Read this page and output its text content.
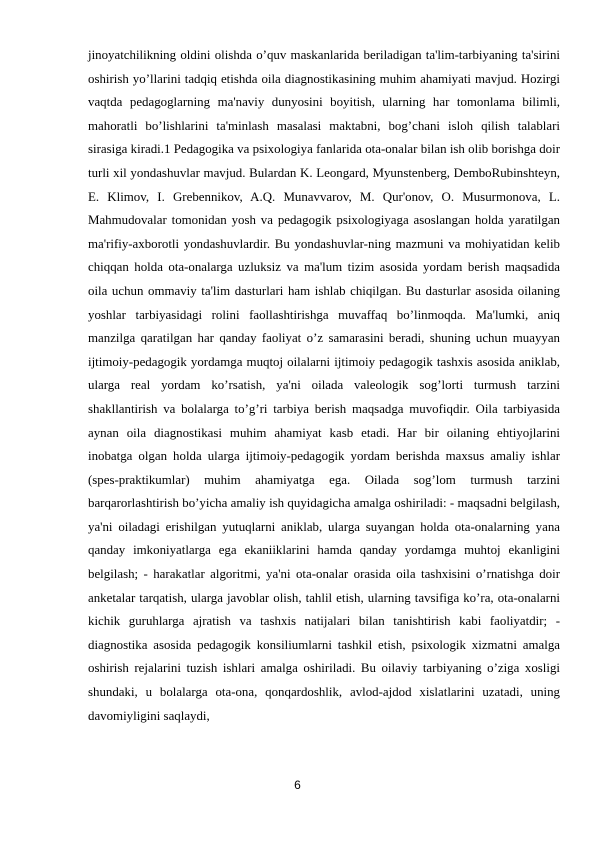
jinoyatchilikning oldini olishda o’quv maskanlarida beriladigan ta'lim-tarbiyaning ta'sirini oshirish yo’llarini tadqiq etishda oila diagnostikasining muhim ahamiyati mavjud. Hozirgi vaqtda pedagoglarning ma'naviy dunyosini boyitish, ularning har tomonlama bilimli, mahoratli bo’lishlarini ta'minlash masalasi maktabni, bog’chani isloh qilish talablari sirasiga kiradi.1 Pedagogika va psixologiya fanlarida ota-onalar bilan ish olib borishga doir turli xil yondashuvlar mavjud. Bulardan K. Leongard, Myunstenberg, DemboRubinshteyn, E. Klimov, I. Grebennikov, A.Q. Munavvarov, M. Qur'onov, O. Musurmonova, L. Mahmudovalar tomonidan yosh va pedagogik psixologiyaga asoslangan holda yaratilgan ma'rifiy-axborotli yondashuvlardir. Bu yondashuvlar-ning mazmuni va mohiyatidan kelib chiqqan holda ota-onalarga uzluksiz va ma'lum tizim asosida yordam berish maqsadida oila uchun ommaviy ta'lim dasturlari ham ishlab chiqilgan. Bu dasturlar asosida oilaning yoshlar tarbiyasidagi rolini faollashtirishga muvaffaq bo’linmoqda. Ma'lumki, aniq manzilga qaratilgan har qanday faoliyat o’z samarasini beradi, shuning uchun muayyan ijtimoiy-pedagogik yordamga muqtoj oilalarni ijtimoiy pedagogik tashxis asosida aniklab, ularga real yordam ko’rsatish, ya'ni oilada valeologik sog’lorti turmush tarzini shakllantirish va bolalarga to’g’ri tarbiya berish maqsadga muvofiqdir. Oila tarbiyasida aynan oila diagnostikasi muhim ahamiyat kasb etadi. Har bir oilaning ehtiyojlarini inobatga olgan holda ularga ijtimoiy-pedagogik yordam berishda maxsus amaliy ishlar (spes-praktikumlar) muhim ahamiyatga ega. Oilada sog’lom turmush tarzini barqarorlashtirish bo’yicha amaliy ish quyidagicha amalga oshiriladi: - maqsadni belgilash, ya'ni oiladagi erishilgan yutuqlarni aniklab, ularga suyangan holda ota-onalarning yana qanday imkoniyatlarga ega ekaniiklarini hamda qanday yordamga muhtoj ekanligini belgilash; - harakatlar algoritmi, ya'ni ota-onalar orasida oila tashxisini o’rnatishga doir anketalar tarqatish, ularga javoblar olish, tahlil etish, ularning tavsifiga ko’ra, ota-onalarni kichik guruhlarga ajratish va tashxis natijalari bilan tanishtirish kabi faoliyatdir; - diagnostika asosida pedagogik konsiliumlarni tashkil etish, psixologik xizmatni amalga oshirish rejalarini tuzish ishlari amalga oshiriladi. Bu oilaviy tarbiyaning o’ziga xosligi shundaki, u bolalarga ota-ona, qonqardoshlik, avlod-ajdod xislatlarini uzatadi, uning davomiyligini saqlaydi,

6
